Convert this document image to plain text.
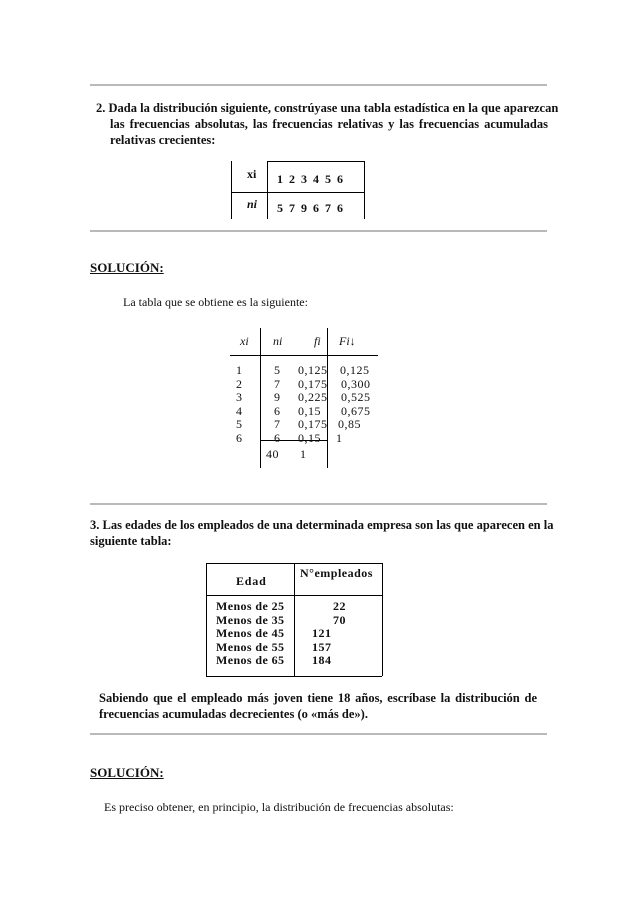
2. Dada la distribución siguiente, constrúyase una tabla estadística en la que aparezcan
las frecuencias absolutas, las frecuencias relativas y las frecuencias acumuladas
relativas crecientes:
xi
ni
1  2  3  4  5  6
5  7  9  6  7  6
SOLUCIÓN:
La tabla que se obtiene es la siguiente:
xi ni	fi Fi↓
1
2
3
4
5
6
5
7
9
6
7
6
0,125
0,175
0,225
0,15
0,175
0,15
0,125
0,300
0,525
0,675
0,85
1
40 1
3. Las edades de los empleados de una determinada empresa son las que aparecen en la
siguiente tabla:
Edad
N°empleados
Menos de 25
Menos de 35
Menos de 45
Menos de 55
Menos de 65
22
70
121
157
184
Sabiendo que el empleado más joven tiene 18 años, escríbase la distribución de
frecuencias acumuladas decrecientes (o «más de»).
SOLUCIÓN:
Es preciso obtener, en principio, la distribución de frecuencias absolutas:
